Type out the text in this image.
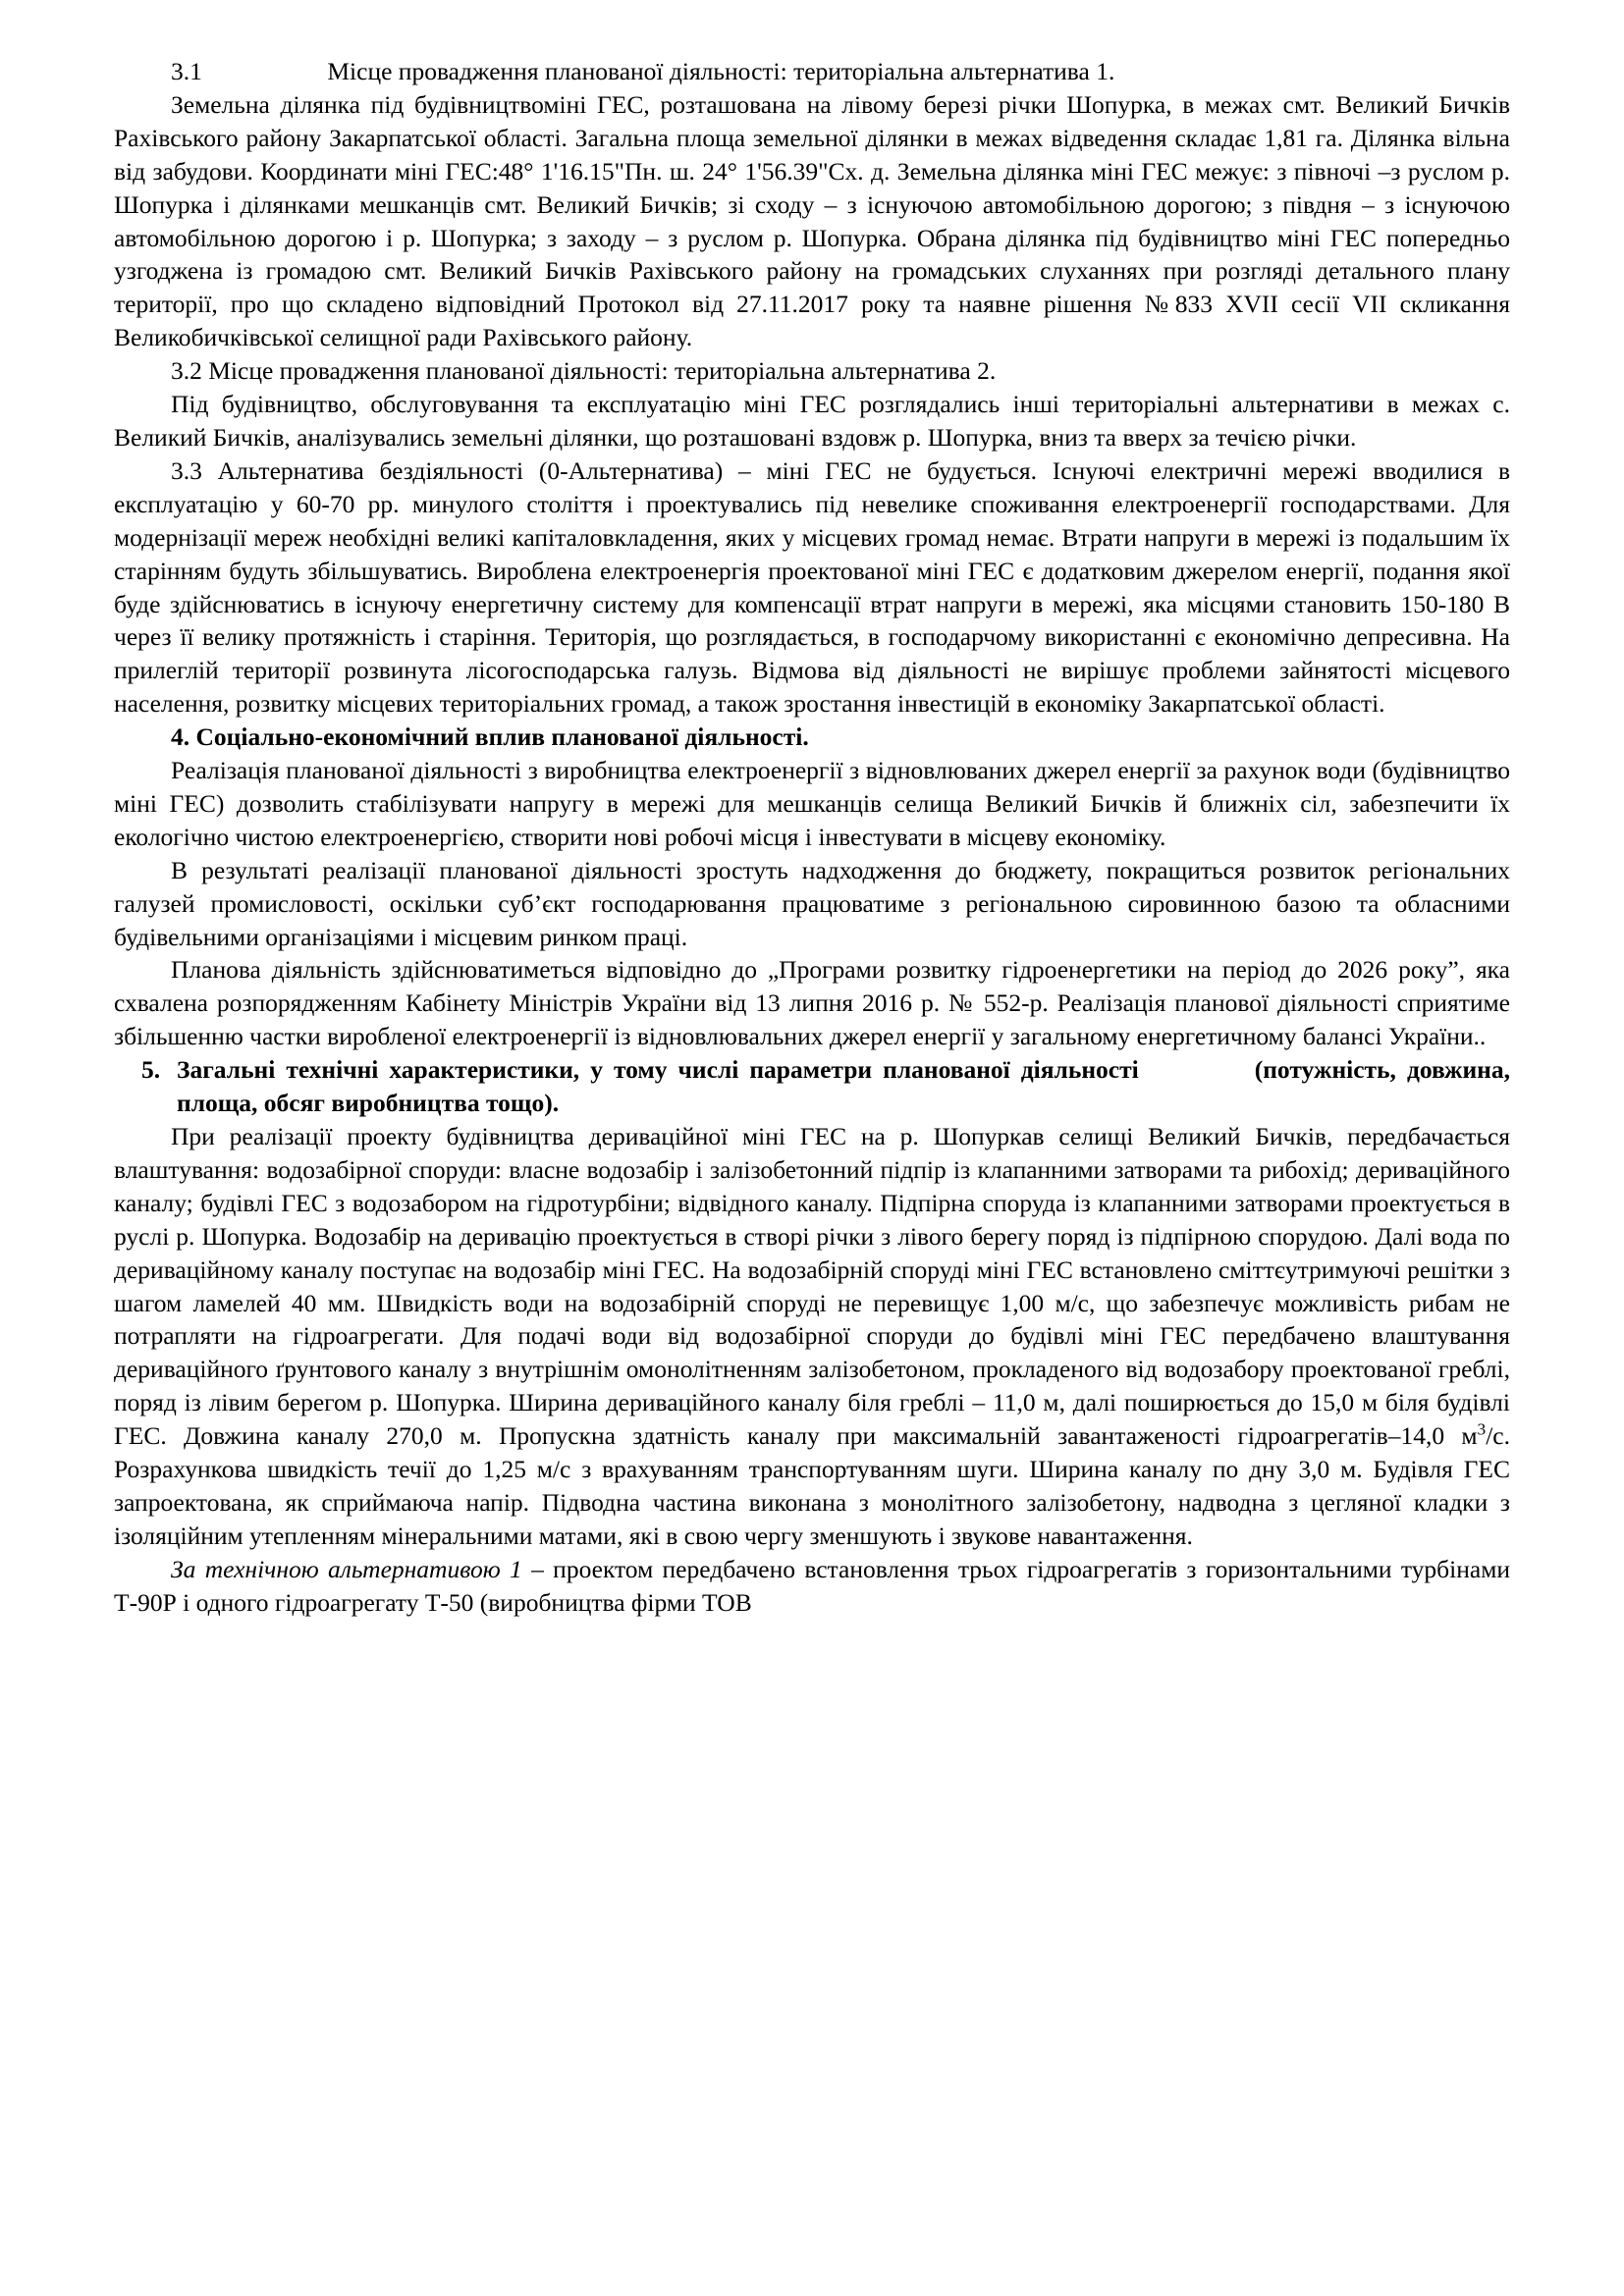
3.1                    Місце провадження планованої діяльності: територіальна альтернатива 1.

Земельна ділянка під будівництвоміні ГЕС, розташована на лівому березі річки Шопурка, в межах смт. Великий Бичків Рахівського району Закарпатської області. Загальна площа земельної ділянки в межах відведення складає 1,81 га. Ділянка вільна від забудови. Координати міні ГЕС:48° 1'16.15"Пн. ш. 24° 1'56.39"Сх. д. Земельна ділянка міні ГЕС межує: з півночі –з руслом р. Шопурка і ділянками мешканців смт. Великий Бичків; зі сходу – з існуючою автомобільною дорогою; з півдня – з існуючою автомобільною дорогою і р. Шопурка; з заходу – з руслом р. Шопурка. Обрана ділянка під будівництво міні ГЕС попередньо узгоджена із громадою смт. Великий Бичків Рахівського району на громадських слуханнях при розгляді детального плану території, про що складено відповідний Протокол від 27.11.2017 року та наявне рішення №833 XVII сесії VII скликання Великобичківської селищної ради Рахівського району.

3.2 Місце провадження планованої діяльності: територіальна альтернатива 2.

Під будівництво, обслуговування та експлуатацію міні ГЕС розглядались інші територіальні альтернативи в межах с. Великий Бичків, аналізувались земельні ділянки, що розташовані вздовж р. Шопурка, вниз та вверх за течією річки.

3.3 Альтернатива бездіяльності (0-Альтернатива) – міні ГЕС не будується. Існуючі електричні мережі вводилися в експлуатацію у 60-70 рр. минулого століття і проектувались під невелике споживання електроенергії господарствами. Для модернізації мереж необхідні великі капіталовкладення, яких у місцевих громад немає. Втрати напруги в мережі із подальшим їх старінням будуть збільшуватись. Вироблена електроенергія проектованої міні ГЕС є додатковим джерелом енергії, подання якої буде здійснюватись в існуючу енергетичну систему для компенсації втрат напруги в мережі, яка місцями становить 150-180 В через її велику протяжність і старіння. Територія, що розглядається, в господарчому використанні є економічно депресивна. На прилеглій території розвинута лісогосподарська галузь. Відмова від діяльності не вирішує проблеми зайнятості місцевого населення, розвитку місцевих територіальних громад, а також зростання інвестицій в економіку Закарпатської області.

4. Соціально-економічний вплив планованої діяльності.

Реалізація планованої діяльності з виробництва електроенергії з відновлюваних джерел енергії за рахунок води (будівництво міні ГЕС) дозволить стабілізувати напругу в мережі для мешканців селища Великий Бичків й ближніх сіл, забезпечити їх екологічно чистою електроенергією, створити нові робочі місця і інвестувати в місцеву економіку.

В результаті реалізації планованої діяльності зростуть надходження до бюджету, покращиться розвиток регіональних галузей промисловості, оскільки суб’єкт господарювання працюватиме з регіональною сировинною базою та обласними будівельними організаціями і місцевим ринком праці.

Планова діяльність здійснюватиметься відповідно до „Програми розвитку гідроенергетики на період до 2026 року”, яка схвалена розпорядженням Кабінету Міністрів України від 13 липня 2016 р. № 552-р. Реалізація планової діяльності сприятиме збільшенню частки виробленої електроенергії із відновлювальних джерел енергії у загальному енергетичному балансі України..

5. Загальні технічні характеристики, у тому числі параметри планованої діяльності	(потужність, довжина, площа, обсяг виробництва тощо).

При реалізації проекту будівництва дериваційної міні ГЕС на р. Шопуркав селищі Великий Бичків, передбачається влаштування: водозабірної споруди: власне водозабір і залізобетонний підпір із клапанними затворами та рибохід; дериваційного каналу; будівлі ГЕС з водозабором на гідротурбіни; відвідного каналу. Підпірна споруда із клапанними затворами проектується в руслі р. Шопурка. Водозабір на деривацію проектується в створі річки з лівого берегу поряд із підпірною спорудою. Далі вода по дериваційному каналу поступає на водозабір міні ГЕС. На водозабірній споруді міні ГЕС встановлено сміттєутримуючі решітки з шагом ламелей 40 мм. Швидкість води на водозабірній споруді не перевищує 1,00 м/с, що забезпечує можливість рибам не потрапляти на гідроагрегати. Для подачі води від водозабірної споруди до будівлі міні ГЕС передбачено влаштування дериваційного ґрунтового каналу з внутрішнім омонолітненням залізобетоном, прокладеного від водозабору проектованої греблі, поряд із лівим берегом р. Шопурка. Ширина дериваційного каналу біля греблі – 11,0 м, далі поширюється до 15,0 м біля будівлі ГЕС. Довжина каналу 270,0 м. Пропускна здатність каналу при максимальній завантаженості гідроагрегатів–14,0 $м^3/с$. Розрахункова швидкість течії до 1,25 м/с з врахуванням транспортуванням шуги. Ширина каналу по дну 3,0 м. Будівля ГЕС запроектована, як сприймаюча напір. Підводна частина виконана з монолітного залізобетону, надводна з цегляної кладки з ізоляційним утепленням мінеральними матами, які в свою чергу зменшують і звукове навантаження.

За технічною альтернативою 1 – проектом передбачено встановлення трьох гідроагрегатів з горизонтальними турбінами Т-90Р і одного гідроагрегату Т-50 (виробництва фірми ТОВ
